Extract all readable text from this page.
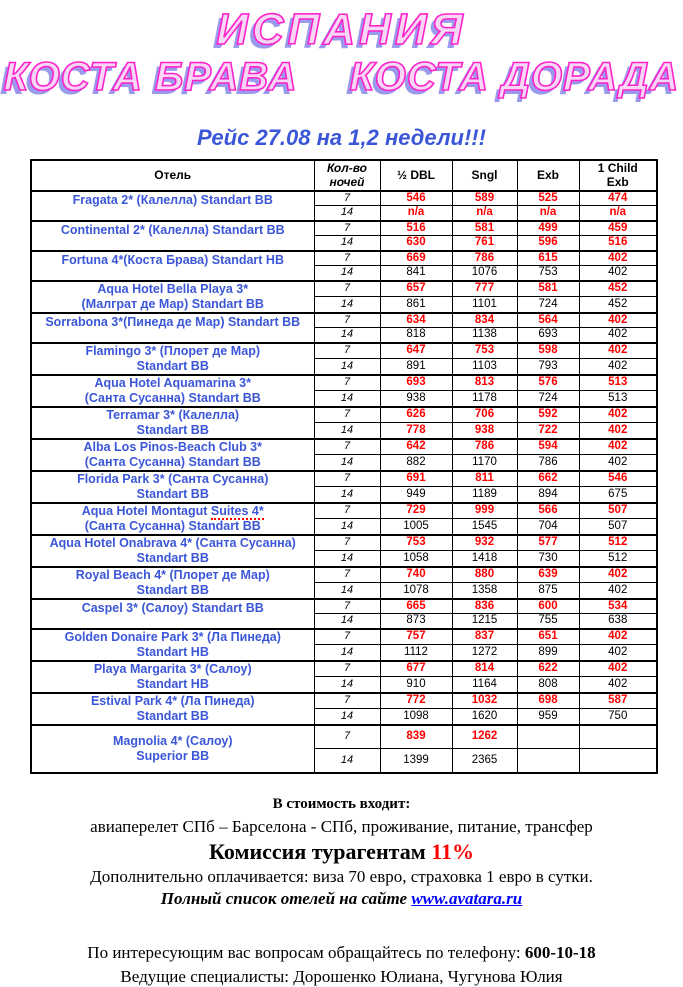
ИСПАНИЯ
КОСТА БРАВА КОСТА ДОРАДА
Рейс 27.08 на 1,2 недели!!!
Отель	Кол-во
ночей	½ DBL	Sngl	Exb	1 Child
Exb

Fragata 2* (Калелла) Standart BB	7	546	589	525	474
	14	n/a	n/a	n/a	n/a

Continental 2* (Калелла) Standart BB	7	516	581	499	459
	14	630	761	596	516

Fortuna 4*(Коста Брава) Standart HB	7	669	786	615	402
	14	841	1076	753	402

Aqua Hotel Bella Playa 3*
(Малграт де Мар) Standart BB	7	657	777	581	452
	14	861	1101	724	452

Sorrabona 3*(Пинеда де Мар) Standart BB	7	634	834	564	402
	14	818	1138	693	402

Flamingo 3* (Плорет де Мар)
Standart BB	7	647	753	598	402
	14	891	1103	793	402

Aqua Hotel Aquamarina 3*
(Санта Сусанна) Standart BB	7	693	813	576	513
	14	938	1178	724	513

Terramar 3* (Калелла)
Standart BB	7	626	706	592	402
	14	778	938	722	402

Alba Los Pinos-Beach Club 3*
(Санта Сусанна) Standart BB	7	642	786	594	402
	14	882	1170	786	402

Florida Park 3* (Санта Сусанна)
Standart BB	7	691	811	662	546
	14	949	1189	894	675

Aqua Hotel Montagut Suites 4*
(Санта Сусанна) Standart BB	7	729	999	566	507
	14	1005	1545	704	507

Aqua Hotel Onabrava 4* (Санта Сусанна)
Standart BB	7	753	932	577	512
	14	1058	1418	730	512

Royal Beach 4* (Плорет де Мар)
Standart BB	7	740	880	639	402
	14	1078	1358	875	402

Caspel 3* (Салоу) Standart BB	7	665	836	600	534
	14	873	1215	755	638

Golden Donaire Park 3* (Ла Пинеда)
Standart HB	7	757	837	651	402
	14	1112	1272	899	402

Playa Margarita 3* (Салоу)
Standart HB	7	677	814	622	402
	14	910	1164	808	402

Estival Park 4* (Ла Пинеда)
Standart BB	7	772	1032	698	587
	14	1098	1620	959	750

Magnolia 4* (Салоу)
Superior BB	7	839	1262		
	14	1399	2365		
В стоимость входит:
авиаперелет СПб – Барселона - СПб, проживание, питание, трансфер
Комиссия турагентам 11%
Дополнительно оплачивается: виза 70 евро, страховка 1 евро в сутки.
Полный список отелей на сайте www.avatara.ru
По интересующим вас вопросам обращайтесь по телефону: 600-10-18
Ведущие специалисты: Дорошенко Юлиана, Чугунова Юлия
